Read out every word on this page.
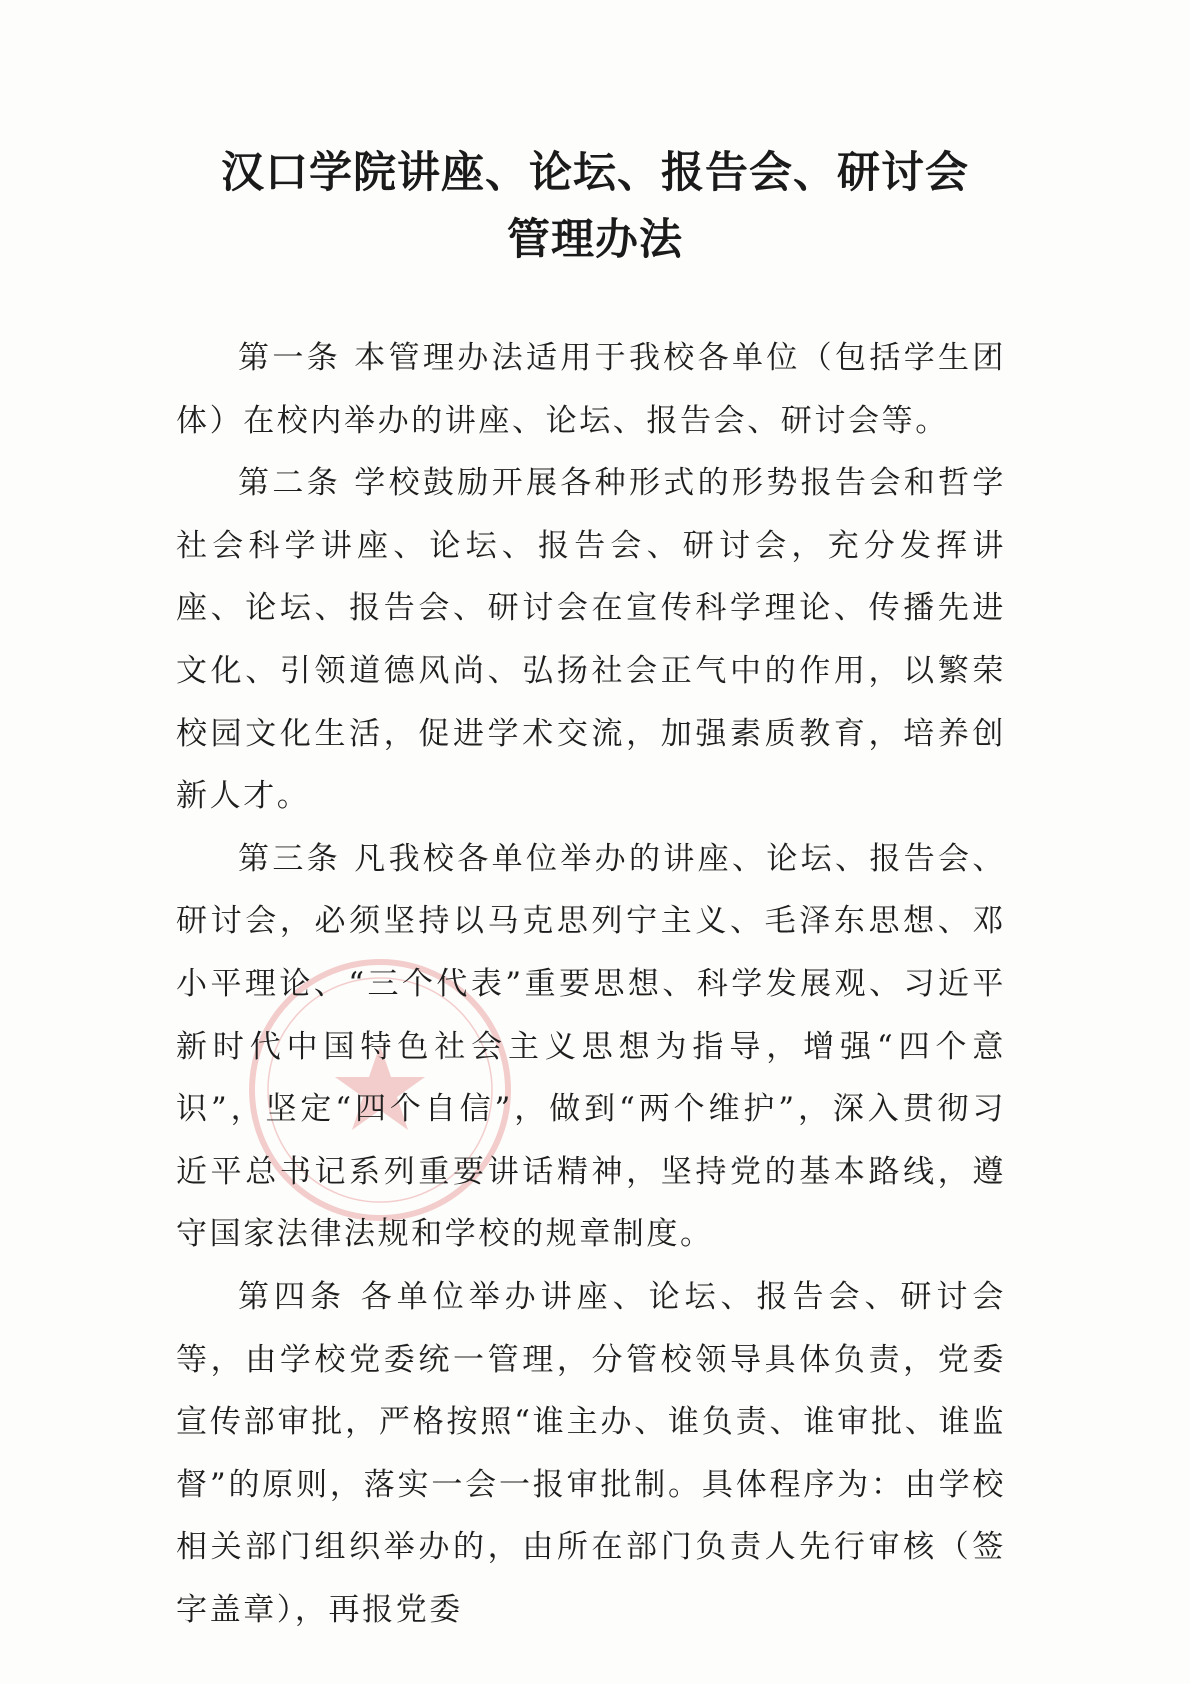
汉口学院讲座、论坛、报告会、研讨会
管理办法

第一条 本管理办法适用于我校各单位（包括学生团体）在校内举办的讲座、论坛、报告会、研讨会等。

第二条 学校鼓励开展各种形式的形势报告会和哲学社会科学讲座、论坛、报告会、研讨会，充分发挥讲座、论坛、报告会、研讨会在宣传科学理论、传播先进文化、引领道德风尚、弘扬社会正气中的作用，以繁荣校园文化生活，促进学术交流，加强素质教育，培养创新人才。

第三条 凡我校各单位举办的讲座、论坛、报告会、研讨会，必须坚持以马克思列宁主义、毛泽东思想、邓小平理论、“三个代表”重要思想、科学发展观、习近平新时代中国特色社会主义思想为指导，增强“四个意识”，坚定“四个自信”，做到“两个维护”，深入贯彻习近平总书记系列重要讲话精神，坚持党的基本路线，遵守国家法律法规和学校的规章制度。

第四条 各单位举办讲座、论坛、报告会、研讨会等，由学校党委统一管理，分管校领导具体负责，党委宣传部审批，严格按照“谁主办、谁负责、谁审批、谁监督”的原则，落实一会一报审批制。具体程序为：由学校相关部门组织举办的，由所在部门负责人先行审核（签字盖章），再报党委
